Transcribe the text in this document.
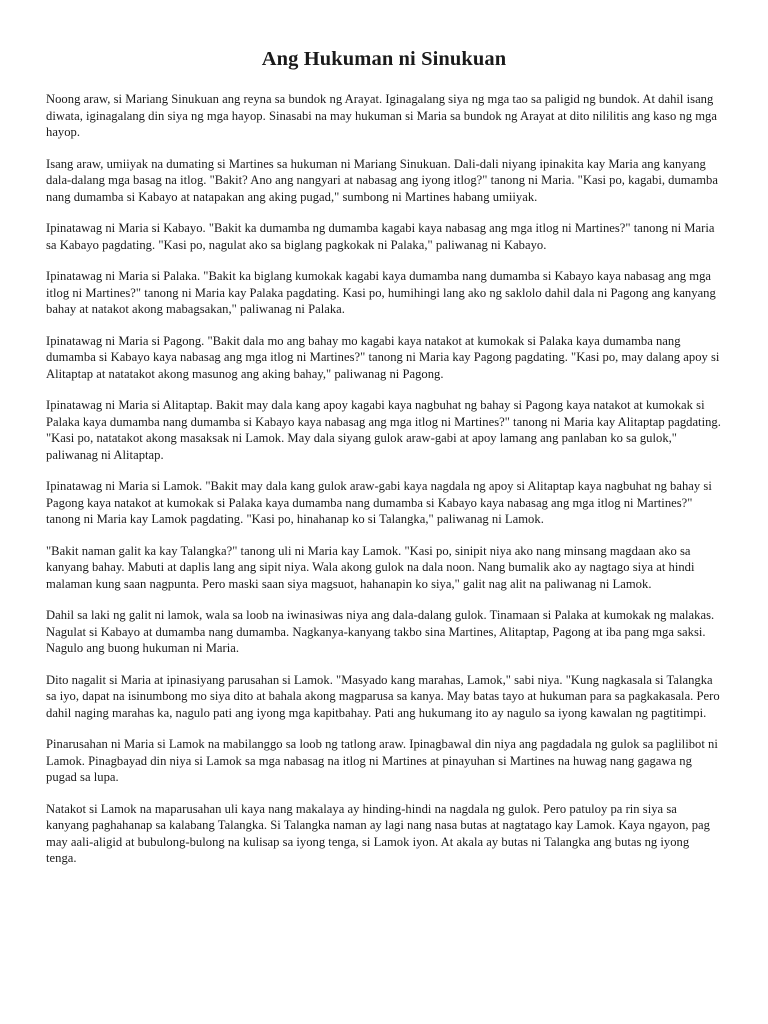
Ang Hukuman ni Sinukuan

Noong araw, si Mariang Sinukuan ang reyna sa bundok ng Arayat. Iginagalang siya ng mga tao sa paligid ng bundok. At dahil isang diwata, iginagalang din siya ng mga hayop. Sinasabi na may hukuman si Maria sa bundok ng Arayat at dito nililitis ang kaso ng mga hayop.

Isang araw, umiiyak na dumating si Martines sa hukuman ni Mariang Sinukuan. Dali-dali niyang ipinakita kay Maria ang kanyang dala-dalang mga basag na itlog. "Bakit? Ano ang nangyari at nabasag ang iyong itlog?" tanong ni Maria. "Kasi po, kagabi, dumamba nang dumamba si Kabayo at natapakan ang aking pugad," sumbong ni Martines habang umiiyak.

Ipinatawag ni Maria si Kabayo. "Bakit ka dumamba ng dumamba kagabi kaya nabasag ang mga itlog ni Martines?" tanong ni Maria sa Kabayo pagdating. "Kasi po, nagulat ako sa biglang pagkokak ni Palaka," paliwanag ni Kabayo.

Ipinatawag ni Maria si Palaka. "Bakit ka biglang kumokak kagabi kaya dumamba nang dumamba si Kabayo kaya nabasag ang mga itlog ni Martines?" tanong ni Maria kay Palaka pagdating. Kasi po, humihingi lang ako ng saklolo dahil dala ni Pagong ang kanyang bahay at natakot akong mabagsakan," paliwanag ni Palaka.

Ipinatawag ni Maria si Pagong. "Bakit dala mo ang bahay mo kagabi kaya natakot at kumokak si Palaka kaya dumamba nang dumamba si Kabayo kaya nabasag ang mga itlog ni Martines?" tanong ni Maria kay Pagong pagdating. "Kasi po, may dalang apoy si Alitaptap at natatakot akong masunog ang aking bahay," paliwanag ni Pagong.

Ipinatawag ni Maria si Alitaptap. Bakit may dala kang apoy kagabi kaya nagbuhat ng bahay si Pagong kaya natakot at kumokak si Palaka kaya dumamba nang dumamba si Kabayo kaya nabasag ang mga itlog ni Martines?" tanong ni Maria kay Alitaptap pagdating. "Kasi po, natatakot akong masaksak ni Lamok. May dala siyang gulok araw-gabi at apoy lamang ang panlaban ko sa gulok," paliwanag ni Alitaptap.

Ipinatawag ni Maria si Lamok. "Bakit may dala kang gulok araw-gabi kaya nagdala ng apoy si Alitaptap kaya nagbuhat ng bahay si Pagong kaya natakot at kumokak si Palaka kaya dumamba nang dumamba si Kabayo kaya nabasag ang mga itlog ni Martines?" tanong ni Maria kay Lamok pagdating. "Kasi po, hinahanap ko si Talangka," paliwanag ni Lamok.

"Bakit naman galit ka kay Talangka?" tanong uli ni Maria kay Lamok. "Kasi po, sinipit niya ako nang minsang magdaan ako sa kanyang bahay. Mabuti at daplis lang ang sipit niya. Wala akong gulok na dala noon. Nang bumalik ako ay nagtago siya at hindi malaman kung saan nagpunta. Pero maski saan siya magsuot, hahanapin ko siya," galit nag alit na paliwanag ni Lamok.

Dahil sa laki ng galit ni lamok, wala sa loob na iwinasiwas niya ang dala-dalang gulok. Tinamaan si Palaka at kumokak ng malakas. Nagulat si Kabayo at dumamba nang dumamba. Nagkanya-kanyang takbo sina Martines, Alitaptap, Pagong at iba pang mga saksi. Nagulo ang buong hukuman ni Maria.

Dito nagalit si Maria at ipinasiyang parusahan si Lamok. "Masyado kang marahas, Lamok," sabi niya. "Kung nagkasala si Talangka sa iyo, dapat na isinumbong mo siya dito at bahala akong magparusa sa kanya. May batas tayo at hukuman para sa pagkakasala. Pero dahil naging marahas ka, nagulo pati ang iyong mga kapitbahay. Pati ang hukumang ito ay nagulo sa iyong kawalan ng pagtitimpi.

Pinarusahan ni Maria si Lamok na mabilanggo sa loob ng tatlong araw. Ipinagbawal din niya ang pagdadala ng gulok sa paglilibot ni Lamok. Pinagbayad din niya si Lamok sa mga nabasag na itlog ni Martines at pinayuhan si Martines na huwag nang gagawa ng pugad sa lupa.

Natakot si Lamok na maparusahan uli kaya nang makalaya ay hinding-hindi na nagdala ng gulok. Pero patuloy pa rin siya sa kanyang paghahanap sa kalabang Talangka. Si Talangka naman ay lagi nang nasa butas at nagtatago kay Lamok. Kaya ngayon, pag may aali-aligid at bubulong-bulong na kulisap sa iyong tenga, si Lamok iyon. At akala ay butas ni Talangka ang butas ng iyong tenga.
